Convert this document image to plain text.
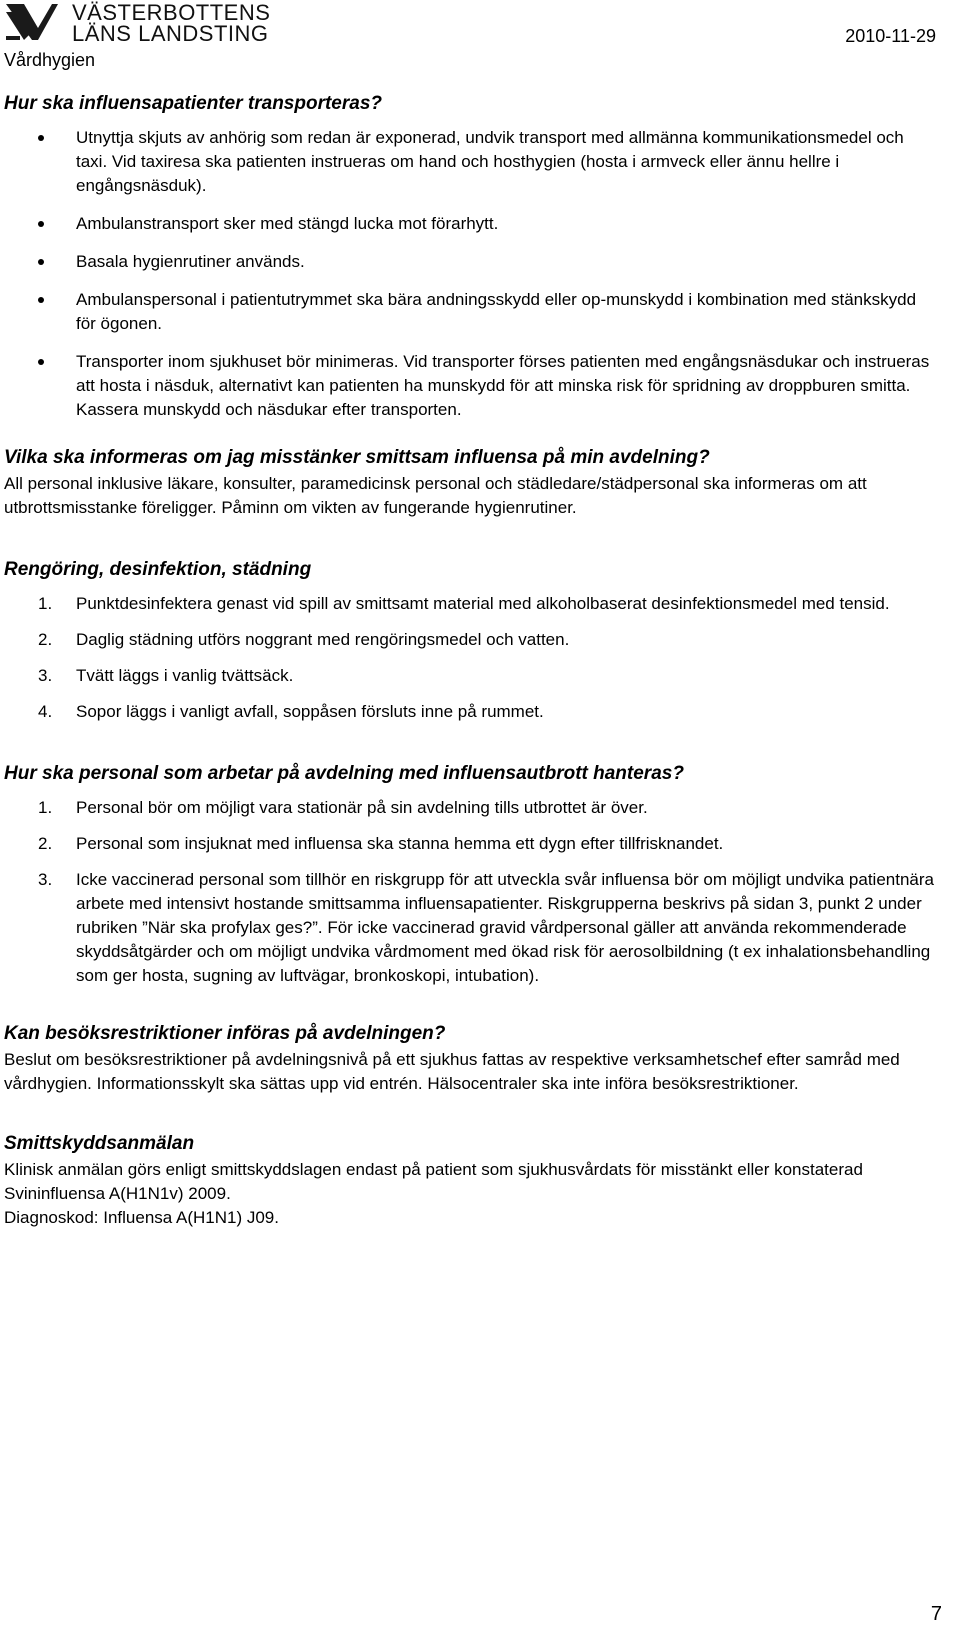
VÄSTERBOTTENS
LÄNS LANDSTING
Vårdhygien
2010-11-29
Hur ska influensapatienter transporteras?
Utnyttja skjuts av anhörig som redan är exponerad, undvik transport med allmänna kommunikationsmedel och taxi. Vid taxiresa ska patienten instrueras om hand och hosthygien (hosta i armveck eller ännu hellre i engångsnäsduk).
Ambulanstransport sker med stängd lucka mot förarhytt.
Basala hygienrutiner används.
Ambulanspersonal i patientutrymmet ska bära andningsskydd eller op-munskydd i kombination med stänkskydd för ögonen.
Transporter inom sjukhuset bör minimeras. Vid transporter förses patienten med engångsnäsdukar och instrueras att hosta i näsduk, alternativt kan patienten ha munskydd för att minska risk för spridning av droppburen smitta. Kassera munskydd och näsdukar efter transporten.
Vilka ska informeras om jag misstänker smittsam influensa på min avdelning?

All personal inklusive läkare, konsulter, paramedicinsk personal och städledare/städpersonal ska informeras om att utbrottsmisstanke föreligger. Påminn om vikten av fungerande hygienrutiner.

Rengöring, desinfektion, städning
1. Punktdesinfektera genast vid spill av smittsamt material med alkoholbaserat desinfektionsmedel med tensid.
2. Daglig städning utförs noggrant med rengöringsmedel och vatten.
3. Tvätt läggs i vanlig tvättsäck.
4. Sopor läggs i vanligt avfall, soppåsen försluts inne på rummet.
Hur ska personal som arbetar på avdelning med influensautbrott hanteras?
1. Personal bör om möjligt vara stationär på sin avdelning tills utbrottet är över.
2. Personal som insjuknat med influensa ska stanna hemma ett dygn efter tillfrisknandet.
3. Icke vaccinerad personal som tillhör en riskgrupp för att utveckla svår influensa bör om möjligt undvika patientnära arbete med intensivt hostande smittsamma influensapatienter. Riskgrupperna beskrivs på sidan 3, punkt 2 under rubriken ”När ska profylax ges?”. För icke vaccinerad gravid vårdpersonal gäller att använda rekommenderade skyddsåtgärder och om möjligt undvika vårdmoment med ökad risk för aerosolbildning (t ex inhalationsbehandling som ger hosta, sugning av luftvägar, bronkoskopi, intubation).
Kan besöksrestriktioner införas på avdelningen?

Beslut om besöksrestriktioner på avdelningsnivå på ett sjukhus fattas av respektive verksamhetschef efter samråd med vårdhygien. Informationsskylt ska sättas upp vid entrén. Hälsocentraler ska inte införa besöksrestriktioner.

Smittskyddsanmälan

Klinisk anmälan görs enligt smittskyddslagen endast på patient som sjukhusvårdats för misstänkt eller konstaterad Svininfluensa A(H1N1v) 2009.

Diagnoskod: Influensa A(H1N1) J09.

7
